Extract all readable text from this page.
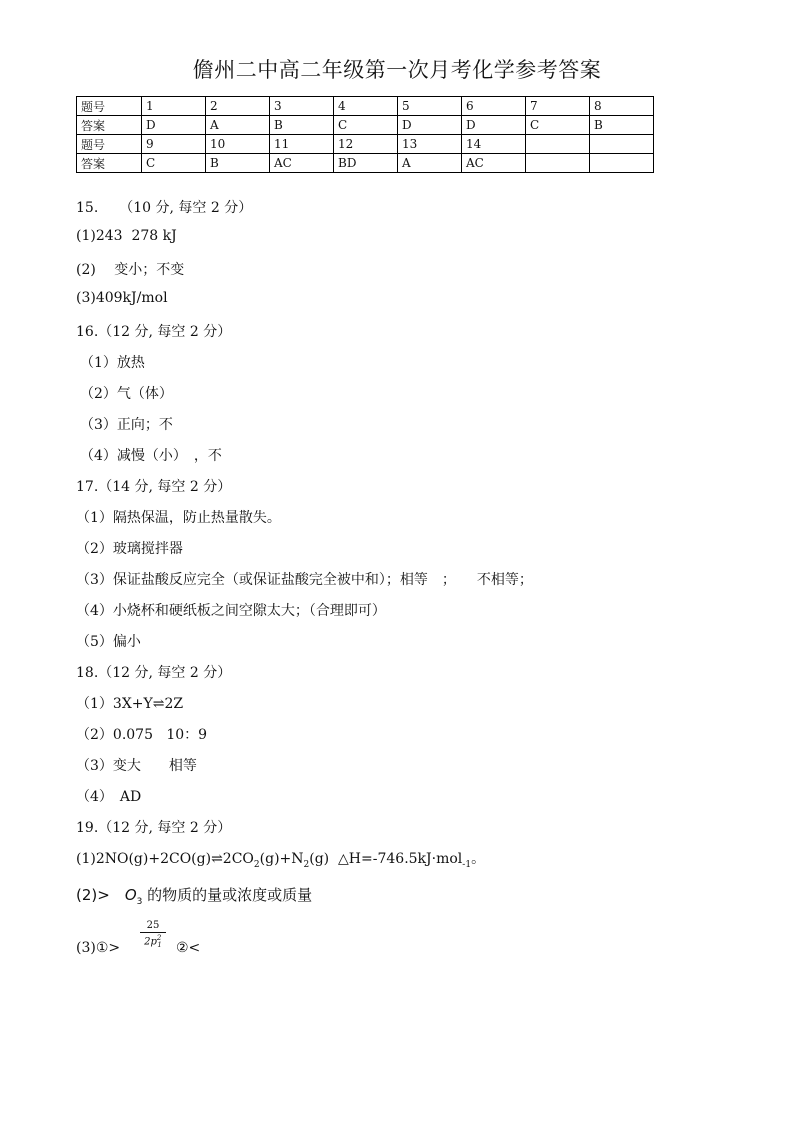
儋州二中高二年级第一次月考化学参考答案
题号	1	2	3	4	5	6	7	8
答案	D	A	B	C	D	D	C	B
题号	9	10	11	12	13	14		
答案	C	B	AC	BD	A	AC		
15.　　（10 分, 每空 2 分）
(1)243  278 kJ
(2)　 变小；不变
(3)409kJ/mol
16.（12 分, 每空 2 分）
（1）放热
（2）气（体）
（3）正向；不
（4）减慢（小）　，不
17.（14 分, 每空 2 分）
（1）隔热保温，防止热量散失。
（2）玻璃搅拌器
（3）保证盐酸反应完全（或保证盐酸完全被中和）；相等　；　　不相等；
（4）小烧杯和硬纸板之间空隙太大；（合理即可）
（5）偏小
18.（12 分, 每空 2 分）
（1）3X+Y⇌2Z
（2）0.075   10：9
（3）变大　　相等
（4）　AD
19.（12 分, 每空 2 分）
$(1)2NO(g)+2CO(g)\rightleftharpoons 2CO_2(g)+N_2(g)$  △H=-746.5kJ·mol$_{-1}$。
(2)>　$O_3$ 的物质的量或浓度或质量
(3)①> $\frac{25}{2p^2_1}$ ②<
